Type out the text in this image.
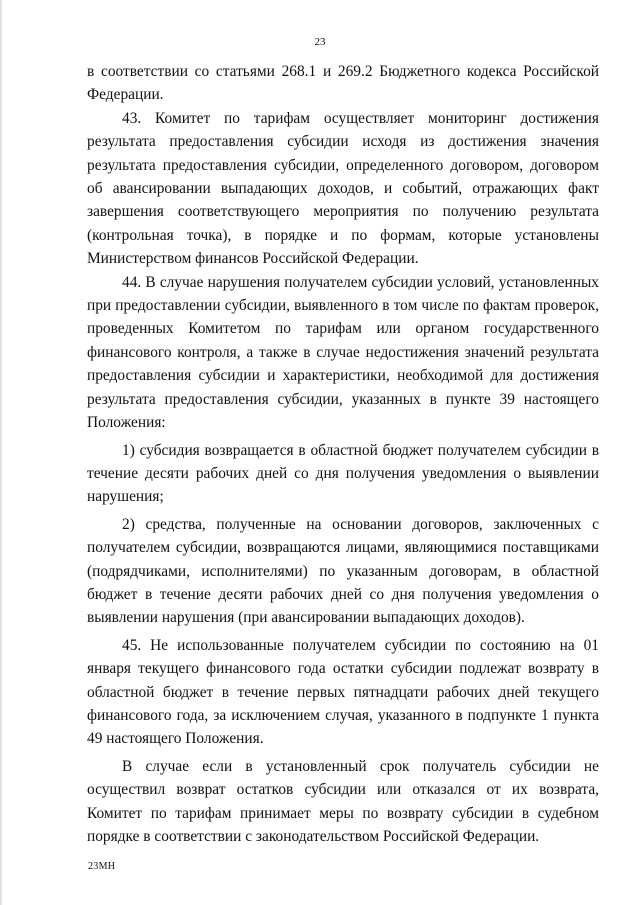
23

в соответствии со статьями 268.1 и 269.2 Бюджетного кодекса Российской Федерации.

43. Комитет по тарифам осуществляет мониторинг достижения результата предоставления субсидии исходя из достижения значения результата предоставления субсидии, определенного договором, договором об авансировании выпадающих доходов, и событий, отражающих факт завершения соответствующего мероприятия по получению результата (контрольная точка), в порядке и по формам, которые установлены Министерством финансов Российской Федерации.

44. В случае нарушения получателем субсидии условий, установленных при предоставлении субсидии, выявленного в том числе по фактам проверок, проведенных Комитетом по тарифам или органом государственного финансового контроля, а также в случае недостижения значений результата предоставления субсидии и характеристики, необходимой для достижения результата предоставления субсидии, указанных в пункте 39 настоящего Положения:

1) субсидия возвращается в областной бюджет получателем субсидии в течение десяти рабочих дней со дня получения уведомления о выявлении нарушения;

2) средства, полученные на основании договоров, заключенных с получателем субсидии, возвращаются лицами, являющимися поставщиками (подрядчиками, исполнителями) по указанным договорам, в областной бюджет в течение десяти рабочих дней со дня получения уведомления о выявлении нарушения (при авансировании выпадающих доходов).

45. Не использованные получателем субсидии по состоянию на 01 января текущего финансового года остатки субсидии подлежат возврату в областной бюджет в течение первых пятнадцати рабочих дней текущего финансового года, за исключением случая, указанного в подпункте 1 пункта 49 настоящего Положения.

В случае если в установленный срок получатель субсидии не осуществил возврат остатков субсидии или отказался от их возврата, Комитет по тарифам принимает меры по возврату субсидии в судебном порядке в соответствии с законодательством Российской Федерации.

23МН
